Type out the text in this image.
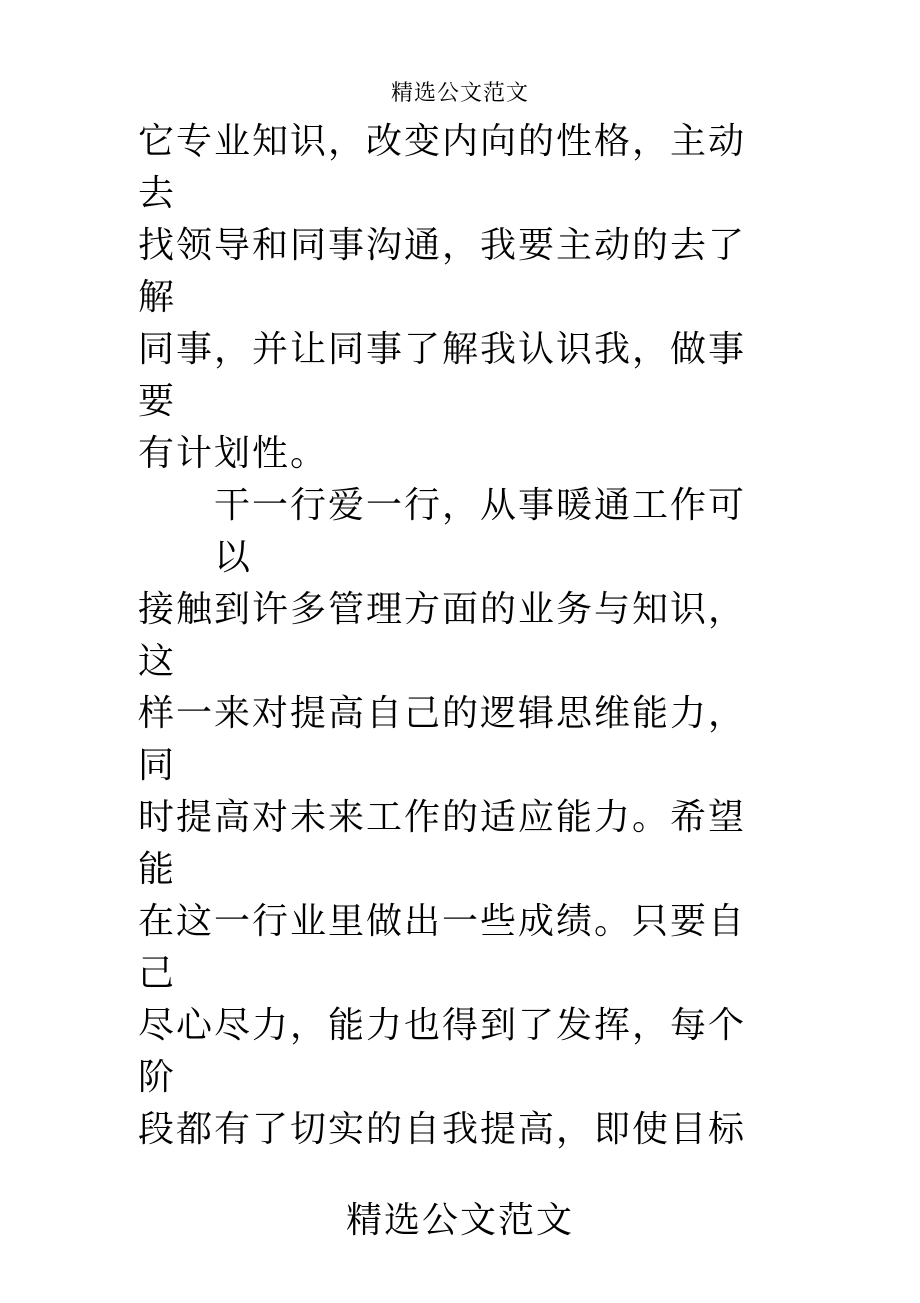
精选公文范文
它专业知识，改变内向的性格，主动
去
找领导和同事沟通，我要主动的去了
解
同事，并让同事了解我认识我，做事
要
有计划性。
干一行爱一行，从事暖通工作可
以
接触到许多管理方面的业务与知识，
这
样一来对提高自己的逻辑思维能力，
同
时提高对未来工作的适应能力。希望
能
在这一行业里做出一些成绩。只要自
己
尽心尽力，能力也得到了发挥，每个
阶
段都有了切实的自我提高，即使目标
精选公文范文
